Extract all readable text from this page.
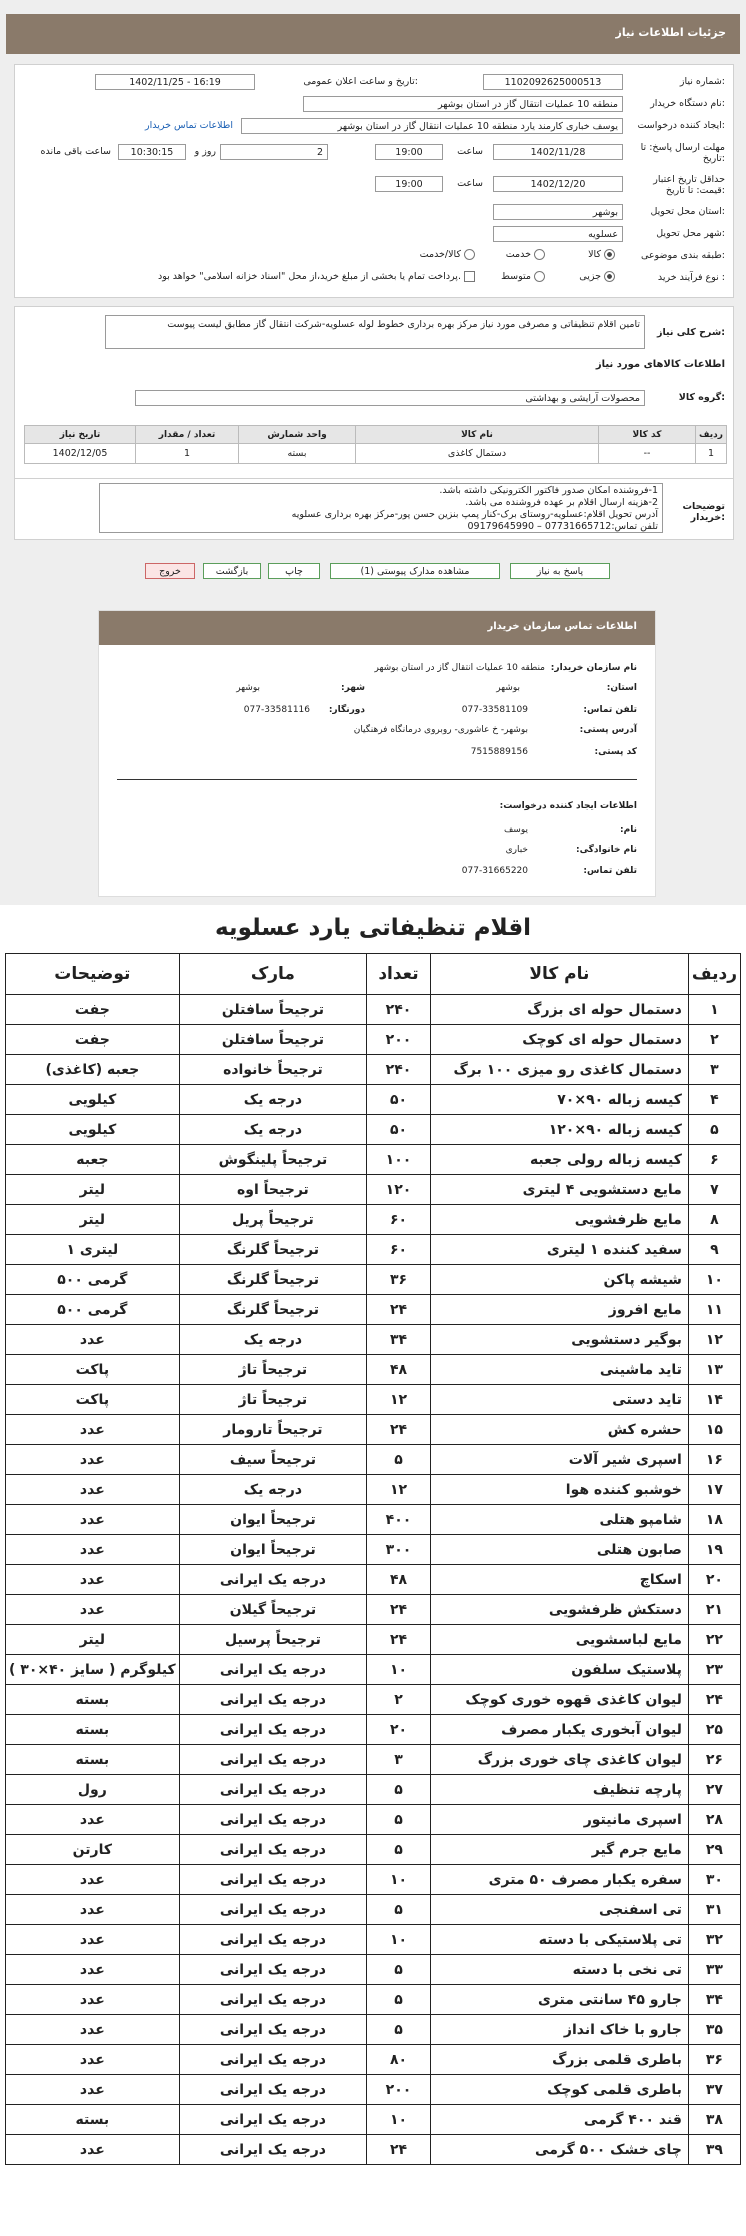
جزئیات اطلاعات نیاز
شماره نیاز:
1102092625000513
تاریخ و ساعت اعلان عمومی:
1402/11/25 - 16:19
نام دستگاه خریدار:
منطقه 10 عملیات انتقال گاز در استان بوشهر
ایجاد کننده درخواست:
یوسف خباری کارمند یارد منطقه 10 عملیات انتقال گاز در استان بوشهر
اطلاعات تماس خریدار
مهلت ارسال پاسخ: تا تاریخ:
1402/11/28
ساعت
19:00
2
روز و
10:30:15
ساعت باقی مانده
حداقل تاریخ اعتبار قیمت: تا تاریخ:
1402/12/20
ساعت
19:00
استان محل تحویل:
بوشهر
شهر محل تحویل:
عسلویه
طبقه بندی موضوعی:
کالا
خدمت
کالا/خدمت
نوع فرآیند خرید :
جزیی
متوسط
پرداخت تمام یا بخشی از مبلغ خرید،از محل "اسناد خزانه اسلامی" خواهد بود.
شرح کلی نیاز:
تامین اقلام تنظیفاتی و مصرفی مورد نیاز مرکز بهره برداری خطوط لوله عسلویه-شرکت انتقال گاز مطابق لیست پیوست
اطلاعات کالاهای مورد نیاز
گروه کالا:
محصولات آرایشی و بهداشتی
ردیف	کد کالا	نام کالا	واحد شمارش	تعداد / مقدار	تاریخ نیاز
1	--	دستمال کاغذی	بسته	1	1402/12/05
توضیحات خریدار:
1-فروشنده امکان صدور فاکتور الکترونیکی داشته باشد.
2-هزینه ارسال اقلام بر عهده فروشنده می باشد.
آدرس تحویل اقلام:عسلویه-روستای برک-کنار پمپ بنزین حسن پور-مرکز بهره برداری عسلویه
تلفن تماس:07731665712 – 09179645990
پاسخ به نیاز
مشاهده مدارک پیوستی (1)
چاپ
بازگشت
خروج
اطلاعات تماس سازمان خریدار
نام سازمان خریدار:
منطقه 10 عملیات انتقال گاز در استان بوشهر
استان:
بوشهر
شهر:
بوشهر
تلفن تماس:
077-33581109
دورنگار:
077-33581116
آدرس پستی:
بوشهر- خ عاشوری- روبروی درمانگاه فرهنگیان
کد پستی:
7515889156
اطلاعات ایجاد کننده درخواست:
نام:
یوسف
نام خانوادگی:
خباری
تلفن تماس:
077-31665220
اقلام تنظیفاتی یارد عسلویه
ردیف	نام کالا	تعداد	مارک	توضیحات
۱	دستمال حوله ای بزرگ	۲۴۰	ترجیحاً سافتلن	جفت
۲	دستمال حوله ای کوچک	۲۰۰	ترجیحاً سافتلن	جفت
۳	دستمال کاغذی رو میزی ۱۰۰ برگ	۲۴۰	ترجیحاً خانواده	جعبه (کاغذی)
۴	کیسه زباله ۹۰×۷۰	۵۰	درجه یک	کیلویی
۵	کیسه زباله ۹۰×۱۲۰	۵۰	درجه یک	کیلویی
۶	کیسه زباله رولی جعبه	۱۰۰	ترجیحاً پلینگوش	جعبه
۷	مایع دستشویی ۴ لیتری	۱۲۰	ترجیحاً اوه	لیتر
۸	مایع ظرفشویی	۶۰	ترجیحاً پریل	لیتر
۹	سفید کننده ۱ لیتری	۶۰	ترجیحاً گلرنگ	لیتری ۱
۱۰	شیشه پاکن	۳۶	ترجیحاً گلرنگ	گرمی ۵۰۰
۱۱	مایع افروز	۲۴	ترجیحاً گلرنگ	گرمی ۵۰۰
۱۲	بوگیر دستشویی	۳۴	درجه یک	عدد
۱۳	تاید ماشینی	۴۸	ترجیحاً تاژ	پاکت
۱۴	تاید دستی	۱۲	ترجیحاً تاژ	پاکت
۱۵	حشره کش	۲۴	ترجیحاً تارومار	عدد
۱۶	اسپری شیر آلات	۵	ترجیحاً سیف	عدد
۱۷	خوشبو کننده هوا	۱۲	درجه یک	عدد
۱۸	شامپو هتلی	۴۰۰	ترجیحاً ایوان	عدد
۱۹	صابون هتلی	۳۰۰	ترجیحاً ایوان	عدد
۲۰	اسکاچ	۴۸	درجه یک ایرانی	عدد
۲۱	دستکش ظرفشویی	۲۴	ترجیحاً گیلان	عدد
۲۲	مایع لباسشویی	۲۴	ترجیحاً پرسیل	لیتر
۲۳	پلاستیک سلفون	۱۰	درجه یک ایرانی	کیلوگرم ( سایز ۴۰×۳۰ )
۲۴	لیوان کاغذی قهوه خوری کوچک	۲	درجه یک ایرانی	بسته
۲۵	لیوان آبخوری یکبار مصرف	۲۰	درجه یک ایرانی	بسته
۲۶	لیوان کاغذی چای خوری بزرگ	۳	درجه یک ایرانی	بسته
۲۷	پارچه تنظیف	۵	درجه یک ایرانی	رول
۲۸	اسپری مانیتور	۵	درجه یک ایرانی	عدد
۲۹	مایع جرم گیر	۵	درجه یک ایرانی	کارتن
۳۰	سفره یکبار مصرف ۵۰ متری	۱۰	درجه یک ایرانی	عدد
۳۱	تی اسفنجی	۵	درجه یک ایرانی	عدد
۳۲	تی پلاستیکی با دسته	۱۰	درجه یک ایرانی	عدد
۳۳	تی نخی با دسته	۵	درجه یک ایرانی	عدد
۳۴	جارو ۴۵ سانتی متری	۵	درجه یک ایرانی	عدد
۳۵	جارو با خاک انداز	۵	درجه یک ایرانی	عدد
۳۶	باطری قلمی بزرگ	۸۰	درجه یک ایرانی	عدد
۳۷	باطری قلمی کوچک	۲۰۰	درجه یک ایرانی	عدد
۳۸	قند ۴۰۰ گرمی	۱۰	درجه یک ایرانی	بسته
۳۹	چای خشک ۵۰۰ گرمی	۲۴	درجه یک ایرانی	عدد
